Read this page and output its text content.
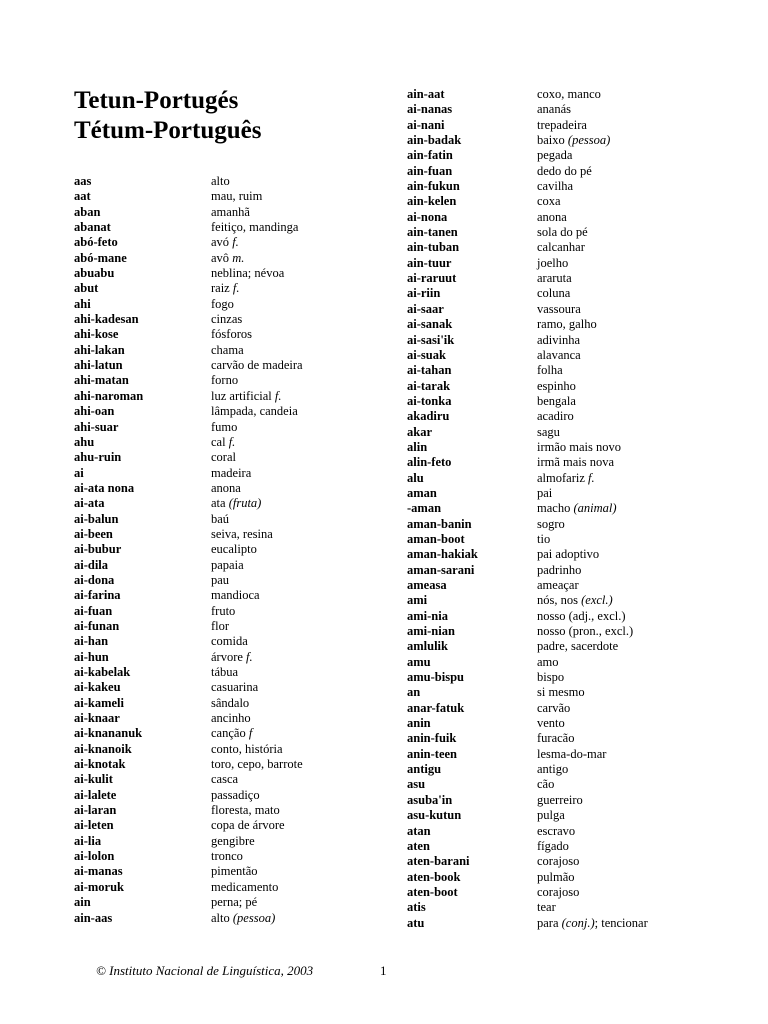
Tetun-Portugés
Tétum-Português
aas	alto
aat	mau, ruim
aban	amanhã
abanat	feitiço, mandinga
abó-feto	avó f.
abó-mane	avô m.
abuabu	neblina; névoa
abut	raiz f.
ahi	fogo
ahi-kadesan	cinzas
ahi-kose	fósforos
ahi-lakan	chama
ahi-latun	carvão de madeira
ahi-matan	forno
ahi-naroman	luz artificial f.
ahi-oan	lâmpada, candeia
ahi-suar	fumo
ahu	cal f.
ahu-ruin	coral
ai	madeira
ai-ata nona	anona
ai-ata	ata (fruta)
ai-balun	baú
ai-been	seiva, resina
ai-bubur	eucalipto
ai-dila	papaia
ai-dona	pau
ai-farina	mandioca
ai-fuan	fruto
ai-funan	flor
ai-han	comida
ai-hun	árvore f.
ai-kabelak	tábua
ai-kakeu	casuarina
ai-kameli	sândalo
ai-knaar	ancinho
ai-knananuk	canção f
ai-knanoik	conto, história
ai-knotak	toro, cepo, barrote
ai-kulit	casca
ai-lalete	passadiço
ai-laran	floresta, mato
ai-leten	copa de árvore
ai-lia	gengibre
ai-lolon	tronco
ai-manas	pimentão
ai-moruk	medicamento
ain	perna; pé
ain-aas	alto (pessoa)
ain-aat	coxo, manco
ai-nanas	ananás
ai-nani	trepadeira
ain-badak	baixo (pessoa)
ain-fatin	pegada
ain-fuan	dedo do pé
ain-fukun	cavilha
ain-kelen	coxa
ai-nona	anona
ain-tanen	sola do pé
ain-tuban	calcanhar
ain-tuur	joelho
ai-raruut	araruta
ai-riin	coluna
ai-saar	vassoura
ai-sanak	ramo, galho
ai-sasi'ik	adivinha
ai-suak	alavanca
ai-tahan	folha
ai-tarak	espinho
ai-tonka	bengala
akadiru	acadiro
akar	sagu
alin	irmão mais novo
alin-feto	irmã mais nova
alu	almofariz f.
aman	pai
-aman	macho (animal)
aman-banin	sogro
aman-boot	tio
aman-hakiak	pai adoptivo
aman-sarani	padrinho
ameasa	ameaçar
ami	nós, nos (excl.)
ami-nia	nosso (adj., excl.)
ami-nian	nosso (pron., excl.)
amlulik	padre, sacerdote
amu	amo
amu-bispu	bispo
an	si mesmo
anar-fatuk	carvão
anin	vento
anin-fuik	furacão
anin-teen	lesma-do-mar
antigu	antigo
asu	cão
asuba'in	guerreiro
asu-kutun	pulga
atan	escravo
aten	fígado
aten-barani	corajoso
aten-book	pulmão
aten-boot	corajoso
atis	tear
atu	para (conj.); tencionar
© Instituto Nacional de Linguística, 2003	1
